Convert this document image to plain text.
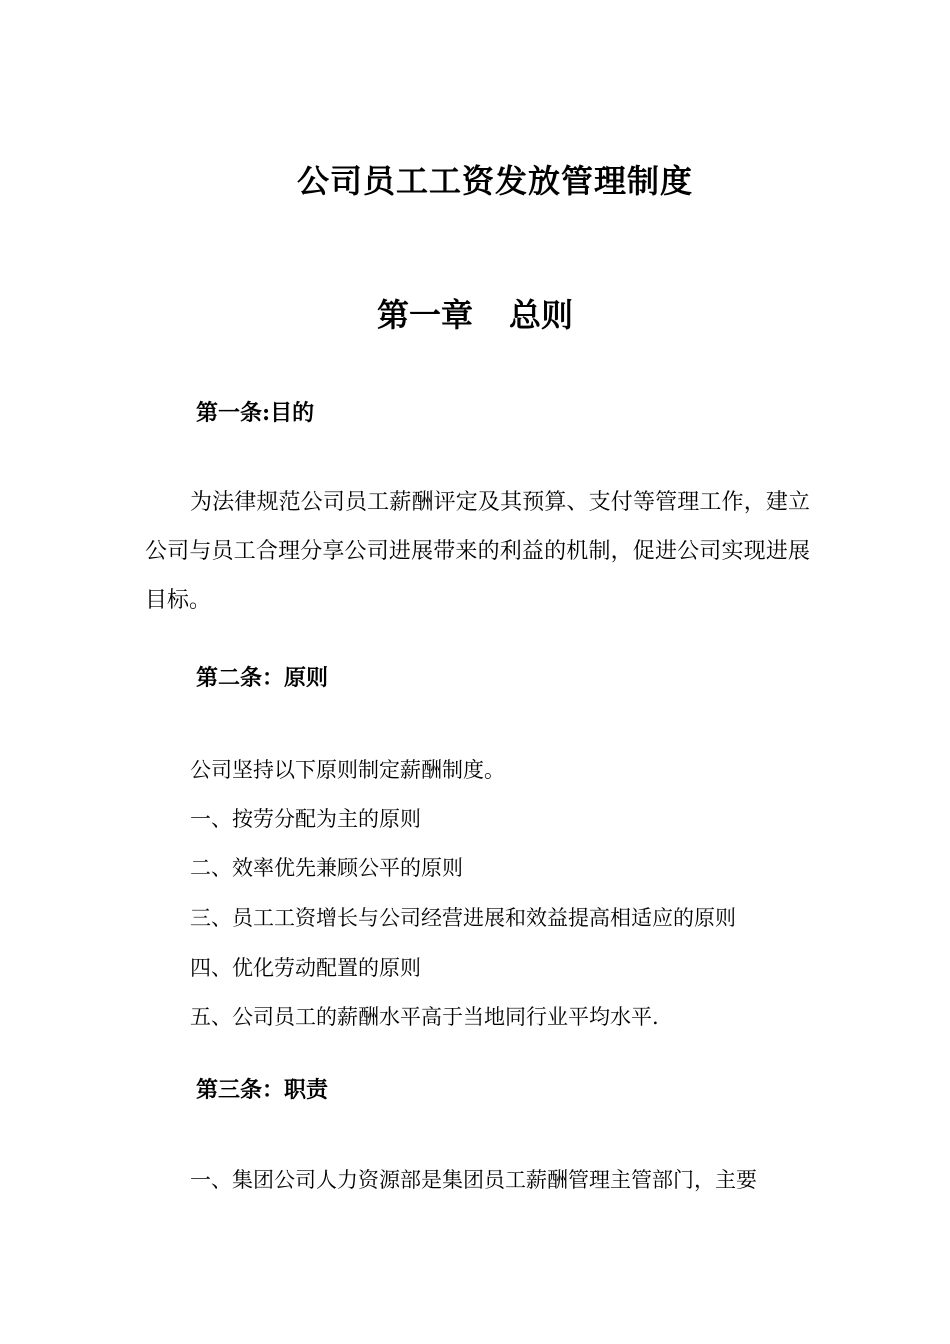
公司员工工资发放管理制度
第一章 总则
第一条:目的
为法律规范公司员工薪酬评定及其预算、支付等管理工作，建立公司与员工合理分享公司进展带来的利益的机制，促进公司实现进展目标。
第二条：原则
公司坚持以下原则制定薪酬制度。
一、按劳分配为主的原则
二、效率优先兼顾公平的原则
三、员工工资增长与公司经营进展和效益提高相适应的原则
四、优化劳动配置的原则
五、公司员工的薪酬水平高于当地同行业平均水平.
第三条：职责
一、集团公司人力资源部是集团员工薪酬管理主管部门，主要
